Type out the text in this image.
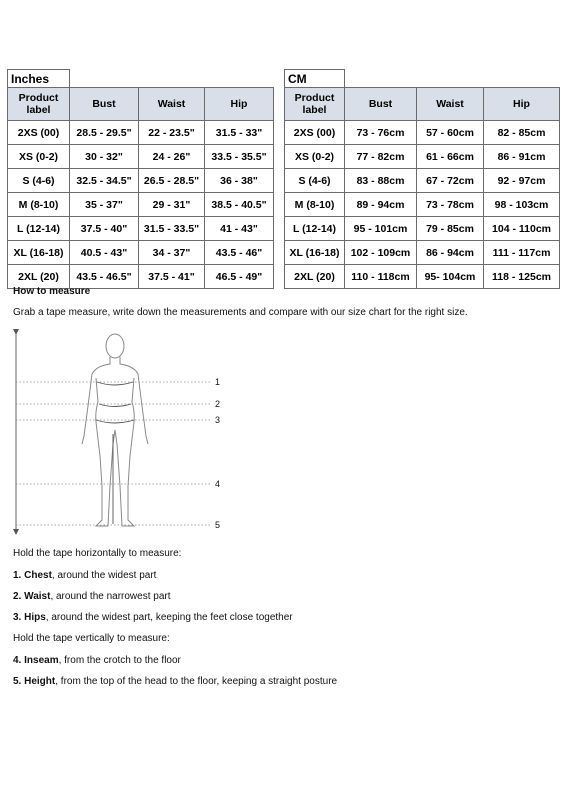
Inches			
Product
label	Bust	Waist	Hip
2XS (00)	28.5 - 29.5"	22 - 23.5"	31.5 - 33"
XS (0-2)	30 - 32"	24 - 26"	33.5 - 35.5"
S (4-6)	32.5 - 34.5"	26.5 - 28.5"	36 - 38"
M (8-10)	35 - 37"	29 - 31"	38.5 - 40.5"
L (12-14)	37.5 - 40"	31.5 - 33.5"	41 - 43"
XL (16-18)	40.5 - 43"	34 - 37"	43.5 - 46"
2XL (20)	43.5 - 46.5"	37.5 - 41"	46.5 - 49"
CM			
Product
label	Bust	Waist	Hip
2XS (00)	73 - 76cm	57 - 60cm	82 - 85cm
XS (0-2)	77 - 82cm	61 - 66cm	86 - 91cm
S (4-6)	83 - 88cm	67 - 72cm	92 - 97cm
M (8-10)	89 - 94cm	73 - 78cm	98 - 103cm
L (12-14)	95 - 101cm	79 - 85cm	104 - 110cm
XL (16-18)	102 - 109cm	86 - 94cm	111 - 117cm
2XL (20)	110 - 118cm	95- 104cm	118 - 125cm
How to measure
Grab a tape measure, write down the measurements and compare with our size chart for the right size.
1
2
3
4
5
Hold the tape horizontally to measure:
1. Chest, around the widest part
2. Waist, around the narrowest part
3. Hips, around the widest part, keeping the feet close together
Hold the tape vertically to measure:
4. Inseam, from the crotch to the floor
5. Height, from the top of the head to the floor, keeping a straight posture
